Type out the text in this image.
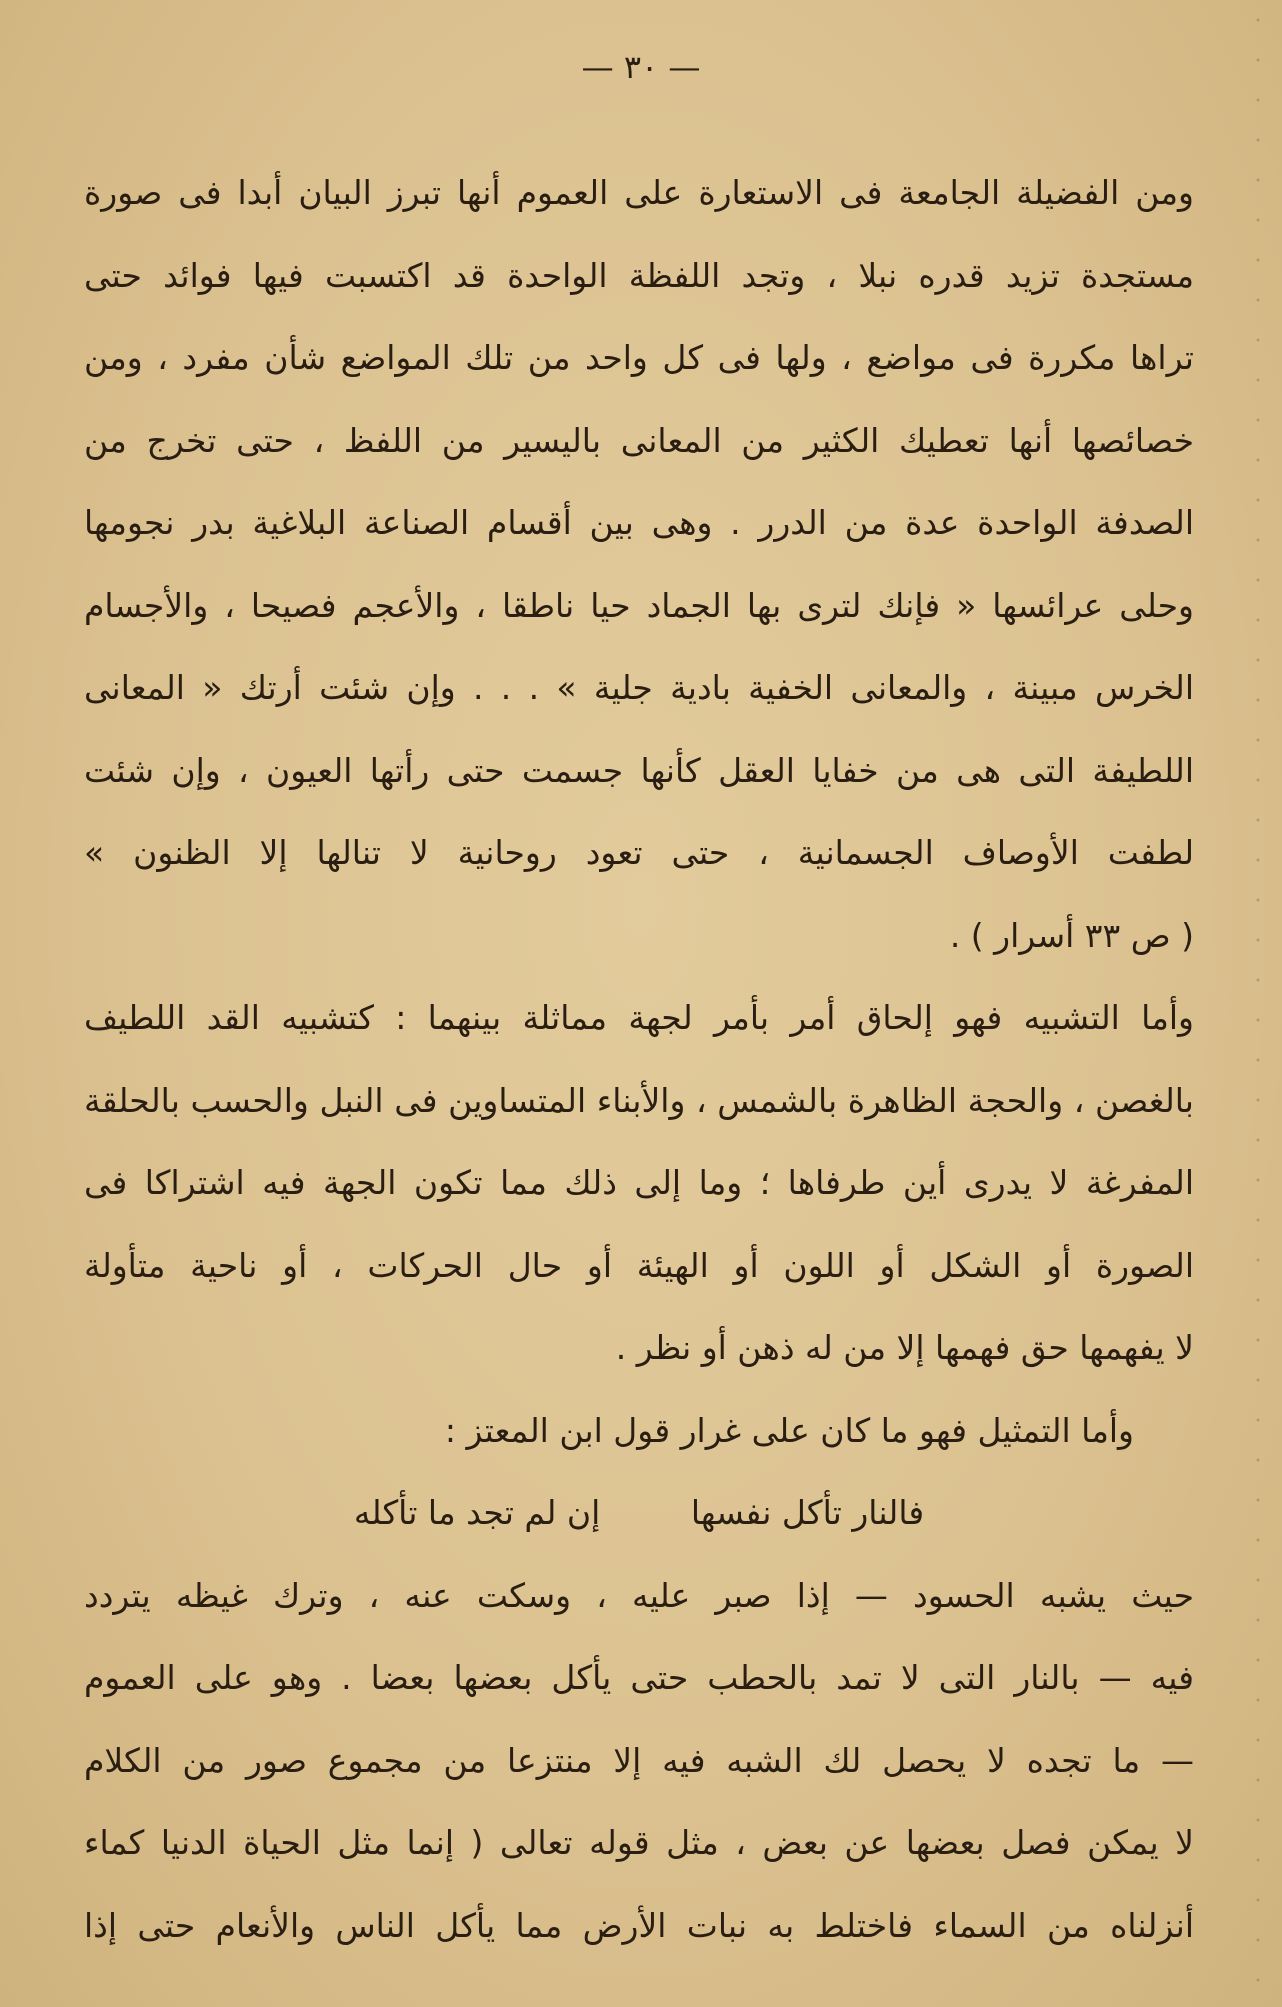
— ٣٠ —
ومن الفضيلة الجامعة فى الاستعارة على العموم أنها تبرز البيان أبدا فى صورة
مستجدة تزيد قدره نبلا ، وتجد اللفظة الواحدة قد اكتسبت فيها فوائد حتى
تراها مكررة فى مواضع ، ولها فى كل واحد من تلك المواضع شأن مفرد ، ومن
خصائصها أنها تعطيك الكثير من المعانى باليسير من اللفظ ، حتى تخرج من
الصدفة الواحدة عدة من الدرر . وهى بين أقسام الصناعة البلاغية بدر نجومها
وحلى عرائسها « فإنك لترى بها الجماد حيا ناطقا ، والأعجم فصيحا ، والأجسام
الخرس مبينة ، والمعانى الخفية بادية جلية » . . . وإن شئت أرتك « المعانى
اللطيفة التى هى من خفايا العقل كأنها جسمت حتى رأتها العيون ، وإن شئت
لطفت الأوصاف الجسمانية ، حتى تعود روحانية لا تنالها إلا الظنون »
( ص ٣٣ أسرار ) .
وأما التشبيه فهو إلحاق أمر بأمر لجهة مماثلة بينهما : كتشبيه القد اللطيف
بالغصن ، والحجة الظاهرة بالشمس ، والأبناء المتساوين فى النبل والحسب بالحلقة
المفرغة لا يدرى أين طرفاها ؛ وما إلى ذلك مما تكون الجهة فيه اشتراكا فى
الصورة أو الشكل أو اللون أو الهيئة أو حال الحركات ، أو ناحية متأولة
لا يفهمها حق فهمها إلا من له ذهن أو نظر .
وأما التمثيل فهو ما كان على غرار قول ابن المعتز :
فالنار تأكل نفسها إن لم تجد ما تأكله
حيث يشبه الحسود — إذا صبر عليه ، وسكت عنه ، وترك غيظه يتردد
فيه — بالنار التى لا تمد بالحطب حتى يأكل بعضها بعضا . وهو على العموم
— ما تجده لا يحصل لك الشبه فيه إلا منتزعا من مجموع صور من الكلام
لا يمكن فصل بعضها عن بعض ، مثل قوله تعالى ( إنما مثل الحياة الدنيا كماء
أنزلناه من السماء فاختلط به نبات الأرض مما يأكل الناس والأنعام حتى إذا
